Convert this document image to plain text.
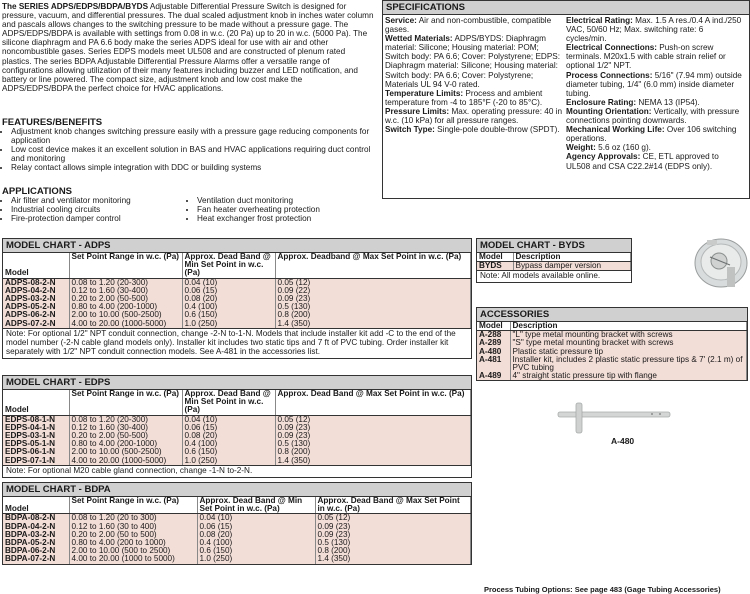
The SERIES ADPS/EDPS/BDPA/BYDS Adjustable Differential Pressure Switch is designed for pressure, vacuum, and differential pressures. The dual scaled adjustment knob in inches water column and pascals allows changes to the switching pressure to be made without a pressure gage. The ADPS/EDPS/BDPA is available with settings from 0.08 in w.c. (20 Pa) up to 20 in w.c. (5000 Pa). The silicone diaphragm and PA 6.6 body make the series ADPS ideal for use with air and other noncombustible gases. Series EDPS models meet UL508 and are constructed of plenum rated plastics. The series BDPA Adjustable Differential Pressure Alarms offer a versatile range of configurations allowing utilization of their many features including buzzer and LED notification, and battery or line powered. The compact size, adjustment knob and low cost make the ADPS/EDPS/BDPA the perfect choice for HVAC applications.
FEATURES/BENEFITS
• Adjustment knob changes switching pressure easily with a pressure gage reducing components for application
• Low cost device makes it an excellent solution in BAS and HVAC applications requiring duct control and monitoring
• Relay contact allows simple integration with DDC or building systems
APPLICATIONS
• Air filter and ventilator monitoring
• Industrial cooling circuits
• Fire-protection damper control
• Ventilation duct monitoring
• Fan heater overheating protection
• Heat exchanger frost protection
SPECIFICATIONS

Service: Air and non-combustible, compatible gases.

Wetted Materials: ADPS/BYDS: Diaphragm material: Silicone; Housing material: POM; Switch body: PA 6.6; Cover: Polystyrene; EDPS: Diaphragm material: Silicone; Housing material: Switch body: PA 6.6; Cover: Polystyrene; Materials UL 94 V-0 rated.

Temperature Limits: Process and ambient temperature from -4 to 185°F (-20 to 85°C).

Pressure Limits: Max. operating pressure: 40 in w.c. (10 kPa) for all pressure ranges.

Switch Type: Single-pole double-throw (SPDT).

Electrical Rating: Max. 1.5 A res./0.4 A ind./250 VAC, 50/60 Hz; Max. switching rate: 6 cycles/min.

Electrical Connections: Push-on screw terminals. M20x1.5 with cable strain relief or optional 1/2" NPT.

Process Connections: 5/16" (7.94 mm) outside diameter tubing, 1/4" (6.0 mm) inside diameter tubing.

Enclosure Rating: NEMA 13 (IP54).

Mounting Orientation: Vertically, with pressure connections pointing downwards.

Mechanical Working Life: Over 106 switching operations.

Weight: 5.6 oz (160 g).

Agency Approvals: CE, ETL approved to UL508 and CSA C22.2#14 (EDPS only).

MODEL CHART - ADPS
Model	Set Point Range in w.c. (Pa)	Approx. Dead Band @ Min Set Point in w.c. (Pa)	Approx. Deadband @ Max Set Point in w.c. (Pa)
ADPS-08-2-N	0.08 to 1.20 (20-300)	0.04 (10)	0.05 (12)
ADPS-04-2-N	0.12 to 1.60 (30-400)	0.06 (15)	0.09 (22)
ADPS-03-2-N	0.20 to 2.00 (50-500)	0.08 (20)	0.09 (23)
ADPS-05-2-N	0.80 to 4.00 (200-1000)	0.4 (100)	0.5 (130)
ADPS-06-2-N	2.00 to 10.00 (500-2500)	0.6 (150)	0.8 (200)
ADPS-07-2-N	4.00 to 20.00 (1000-5000)	1.0 (250)	1.4 (350)
Note: For optional 1/2" NPT conduit connection, change -2-N to-1-N. Models that include installer kit add -C to the end of the model number (-2-N cable gland models only). Installer kit includes two static tips and 7 ft of PVC tubing. Order installer kit separately with 1/2" NPT conduit connection models. See A-481 in the accessories list.
MODEL CHART - EDPS
Model	Set Point Range in w.c. (Pa)	Approx. Dead Band @ Min Set Point in w.c. (Pa)	Approx. Dead Band @ Max Set Point in w.c. (Pa)
EDPS-08-1-N	0.08 to 1.20 (20-300)	0.04 (10)	0.05 (12)
EDPS-04-1-N	0.12 to 1.60 (30-400)	0.06 (15)	0.09 (23)
EDPS-03-1-N	0.20 to 2.00 (50-500)	0.08 (20)	0.09 (23)
EDPS-05-1-N	0.80 to 4.00 (200-1000)	0.4 (100)	0.5 (130)
EDPS-06-1-N	2.00 to 10.00 (500-2500)	0.6 (150)	0.8 (200)
EDPS-07-1-N	4.00 to 20.00 (1000-5000)	1.0 (250)	1.4 (350)
Note: For optional M20 cable gland connection, change -1-N to-2-N.
MODEL CHART - BDPA
Model	Set Point Range in w.c. (Pa)	Approx. Dead Band @ Min Set Point in w.c. (Pa)	Approx. Dead Band @ Max Set Point in w.c. (Pa)
BDPA-08-2-N	0.08 to 1.20 (20 to 300)	0.04 (10)	0.05 (12)
BDPA-04-2-N	0.12 to 1.60 (30 to 400)	0.06 (15)	0.09 (23)
BDPA-03-2-N	0.20 to 2.00 (50 to 500)	0.08 (20)	0.09 (23)
BDPA-05-2-N	0.80 to 4.00 (200 to 1000)	0.4 (100)	0.5 (130)
BDPA-06-2-N	2.00 to 10.00 (500 to 2500)	0.6 (150)	0.8 (200)
BDPA-07-2-N	4.00 to 20.00 (1000 to 5000)	1.0 (250)	1.4 (350)
MODEL CHART - BYDS
Model	Description
BYDS	Bypass damper version
Note: All models available online.
ACCESSORIES
Model	Description
A-288	"L" type metal mounting bracket with screws
A-289	"S" type metal mounting bracket with screws
A-480	Plastic static pressure tip
A-481	Installer kit, includes 2 plastic static pressure tips & 7' (2.1 m) of PVC tubing
A-489	4" straight static pressure tip with flange
A-480
Process Tubing Options: See page 483 (Gage Tubing Accessories)
